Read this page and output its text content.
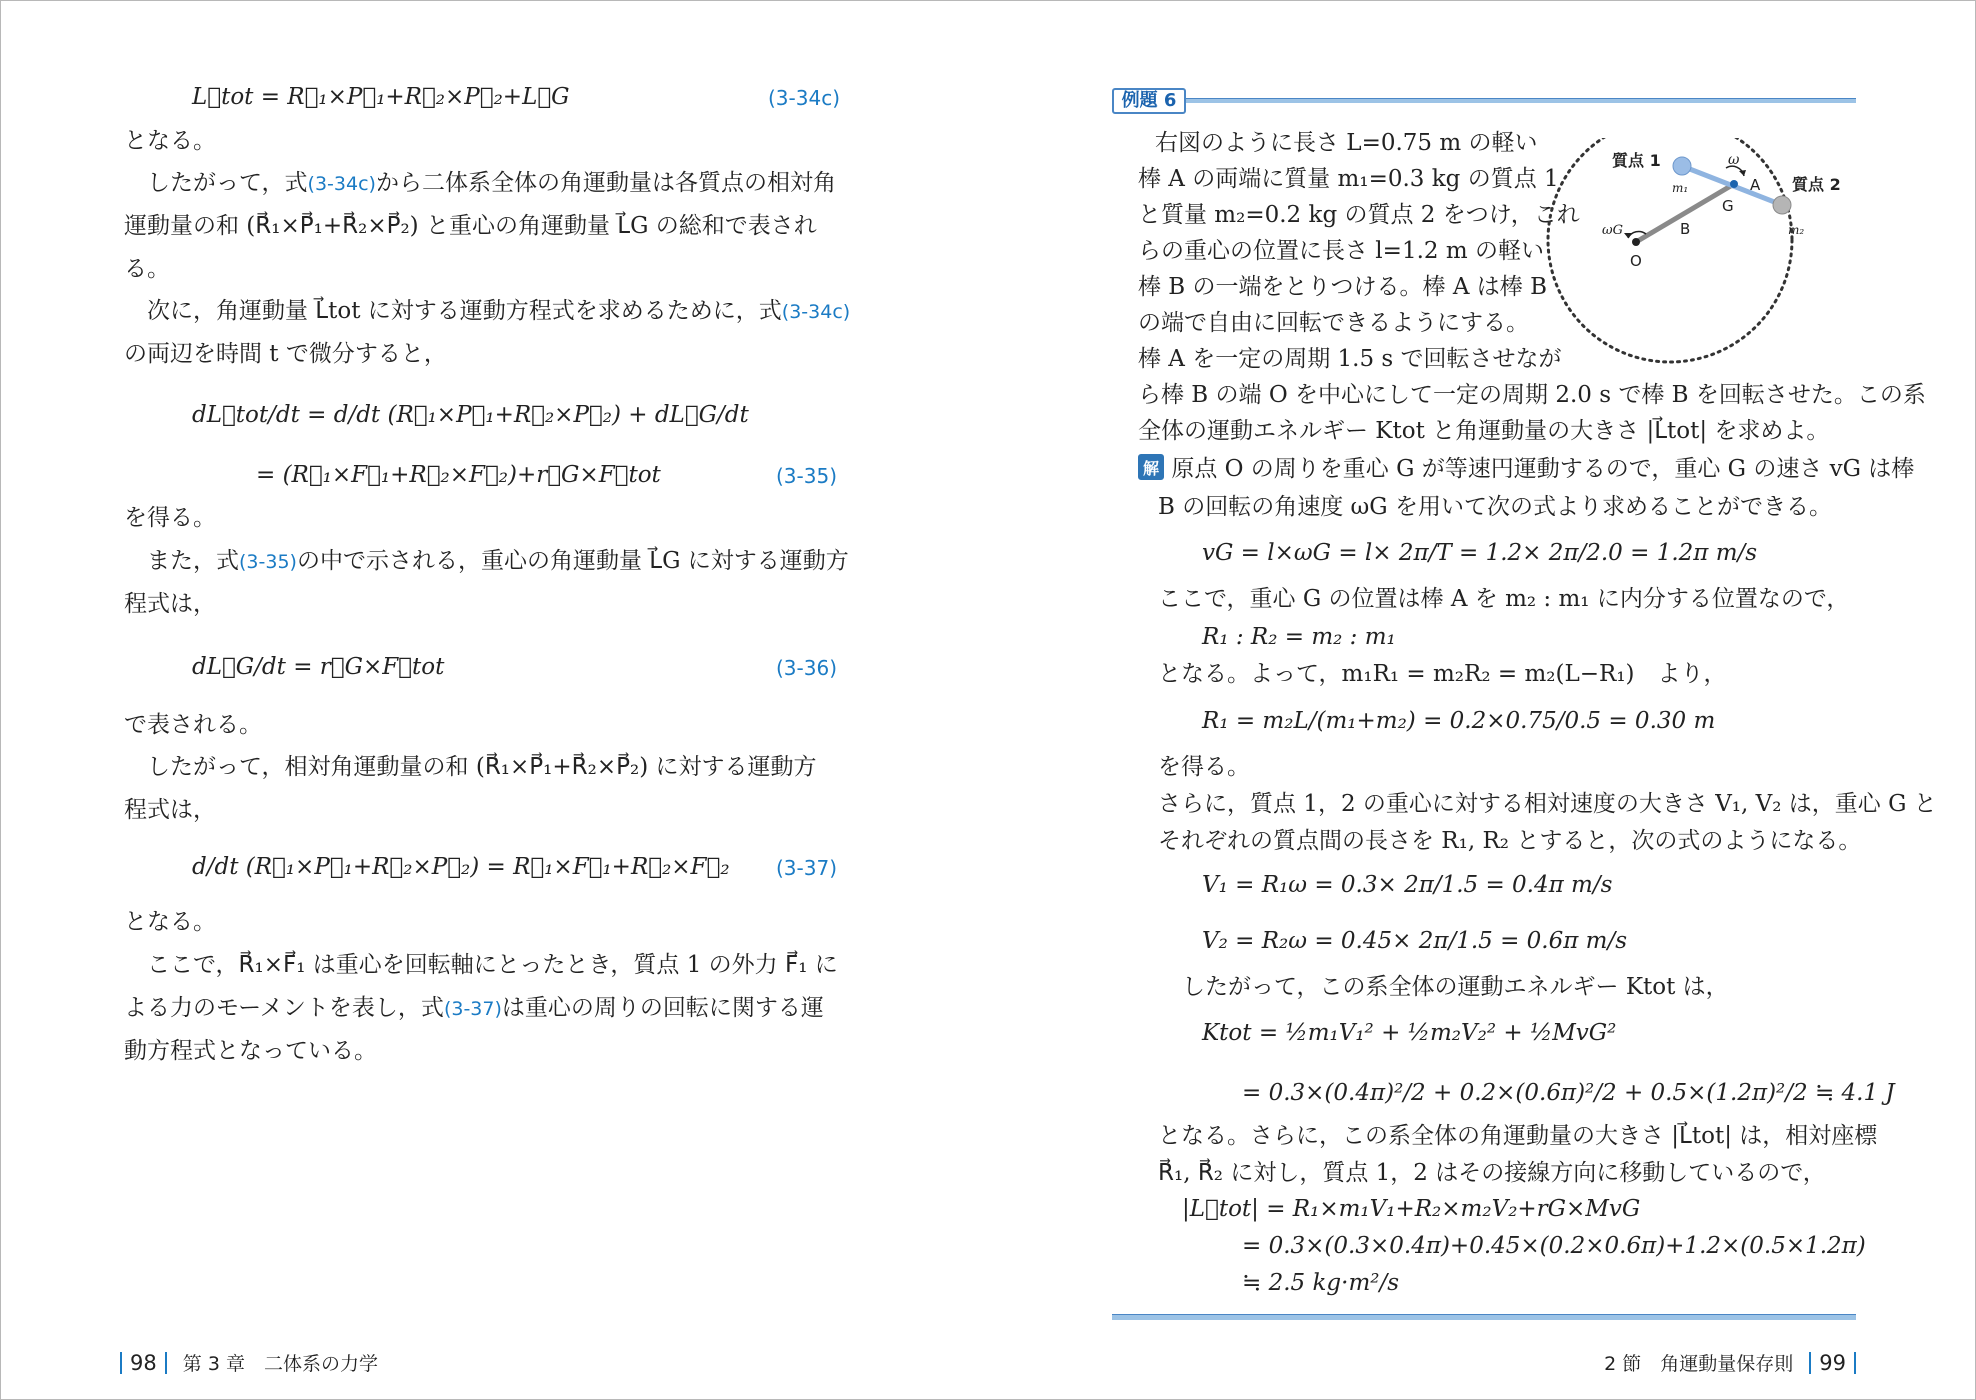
L⃗tot = R⃗₁×P⃗₁+R⃗₂×P⃗₂+L⃗G	(3-34c)
となる。
　したがって，式(3-34c)から二体系全体の角運動量は各質点の相対角
運動量の和 (R⃗₁×P⃗₁+R⃗₂×P⃗₂) と重心の角運動量 L⃗G の総和で表され
る。
　次に，角運動量 L⃗tot に対する運動方程式を求めるために，式(3-34c)
の両辺を時間 t で微分すると，
dL⃗tot/dt = d/dt (R⃗₁×P⃗₁+R⃗₂×P⃗₂) + dL⃗G/dt
= (R⃗₁×F⃗₁+R⃗₂×F⃗₂)+r⃗G×F⃗tot	(3-35)
を得る。
　また，式(3-35)の中で示される，重心の角運動量 L⃗G に対する運動方
程式は，
dL⃗G/dt = r⃗G×F⃗tot	(3-36)
で表される。
　したがって，相対角運動量の和 (R⃗₁×P⃗₁+R⃗₂×P⃗₂) に対する運動方
程式は，
d/dt (R⃗₁×P⃗₁+R⃗₂×P⃗₂) = R⃗₁×F⃗₁+R⃗₂×F⃗₂ (3-37)
となる。
　ここで，R⃗₁×F⃗₁ は重心を回転軸にとったとき，質点 1 の外力 F⃗₁ に
よる力のモーメントを表し，式(3-37)は重心の周りの回転に関する運
動方程式となっている。
98 第 3 章　二体系の力学
例題 6
　右図のように長さ L=0.75 m の軽い
棒 A の両端に質量 m₁=0.3 kg の質点 1
と質量 m₂=0.2 kg の質点 2 をつけ，これ
らの重心の位置に長さ l=1.2 m の軽い
棒 B の一端をとりつける。棒 A は棒 B
の端で自由に回転できるようにする。
棒 A を一定の周期 1.5 s で回転させなが
ら棒 B の端 O を中心にして一定の周期 2.0 s で棒 B を回転させた。この系
全体の運動エネルギー Ktot と角運動量の大きさ |L⃗tot| を求めよ。
質点 1
m₁	質点 2
m₂
A
B
G
O
ω
ωG
解 原点 O の周りを重心 G が等速円運動するので，重心 G の速さ vG は棒
B の回転の角速度 ωG を用いて次の式より求めることができる。
vG = l×ωG = l× 2π/T = 1.2× 2π/2.0 = 1.2π m/s
ここで，重心 G の位置は棒 A を m₂ : m₁ に内分する位置なので，
R₁ : R₂ = m₂ : m₁
となる。よって，m₁R₁ = m₂R₂ = m₂(L−R₁)　より，
R₁ = m₂L/(m₁+m₂) = 0.2×0.75/0.5 = 0.30 m
を得る。
さらに，質点 1，2 の重心に対する相対速度の大きさ V₁, V₂ は，重心 G と
それぞれの質点間の長さを R₁, R₂ とすると，次の式のようになる。
V₁ = R₁ω = 0.3× 2π/1.5 = 0.4π m/s
V₂ = R₂ω = 0.45× 2π/1.5 = 0.6π m/s
したがって，この系全体の運動エネルギー Ktot は，
Ktot = ½m₁V₁² + ½m₂V₂² + ½MvG²
= 0.3×(0.4π)²/2 + 0.2×(0.6π)²/2 + 0.5×(1.2π)²/2 ≒ 4.1 J
となる。さらに，この系全体の角運動量の大きさ |L⃗tot| は，相対座標
R⃗₁, R⃗₂ に対し，質点 1，2 はその接線方向に移動しているので，
|L⃗tot| = R₁×m₁V₁+R₂×m₂V₂+rG×MvG
= 0.3×(0.3×0.4π)+0.45×(0.2×0.6π)+1.2×(0.5×1.2π)
≒ 2.5 kg·m²/s
2 節　角運動量保存則 99
